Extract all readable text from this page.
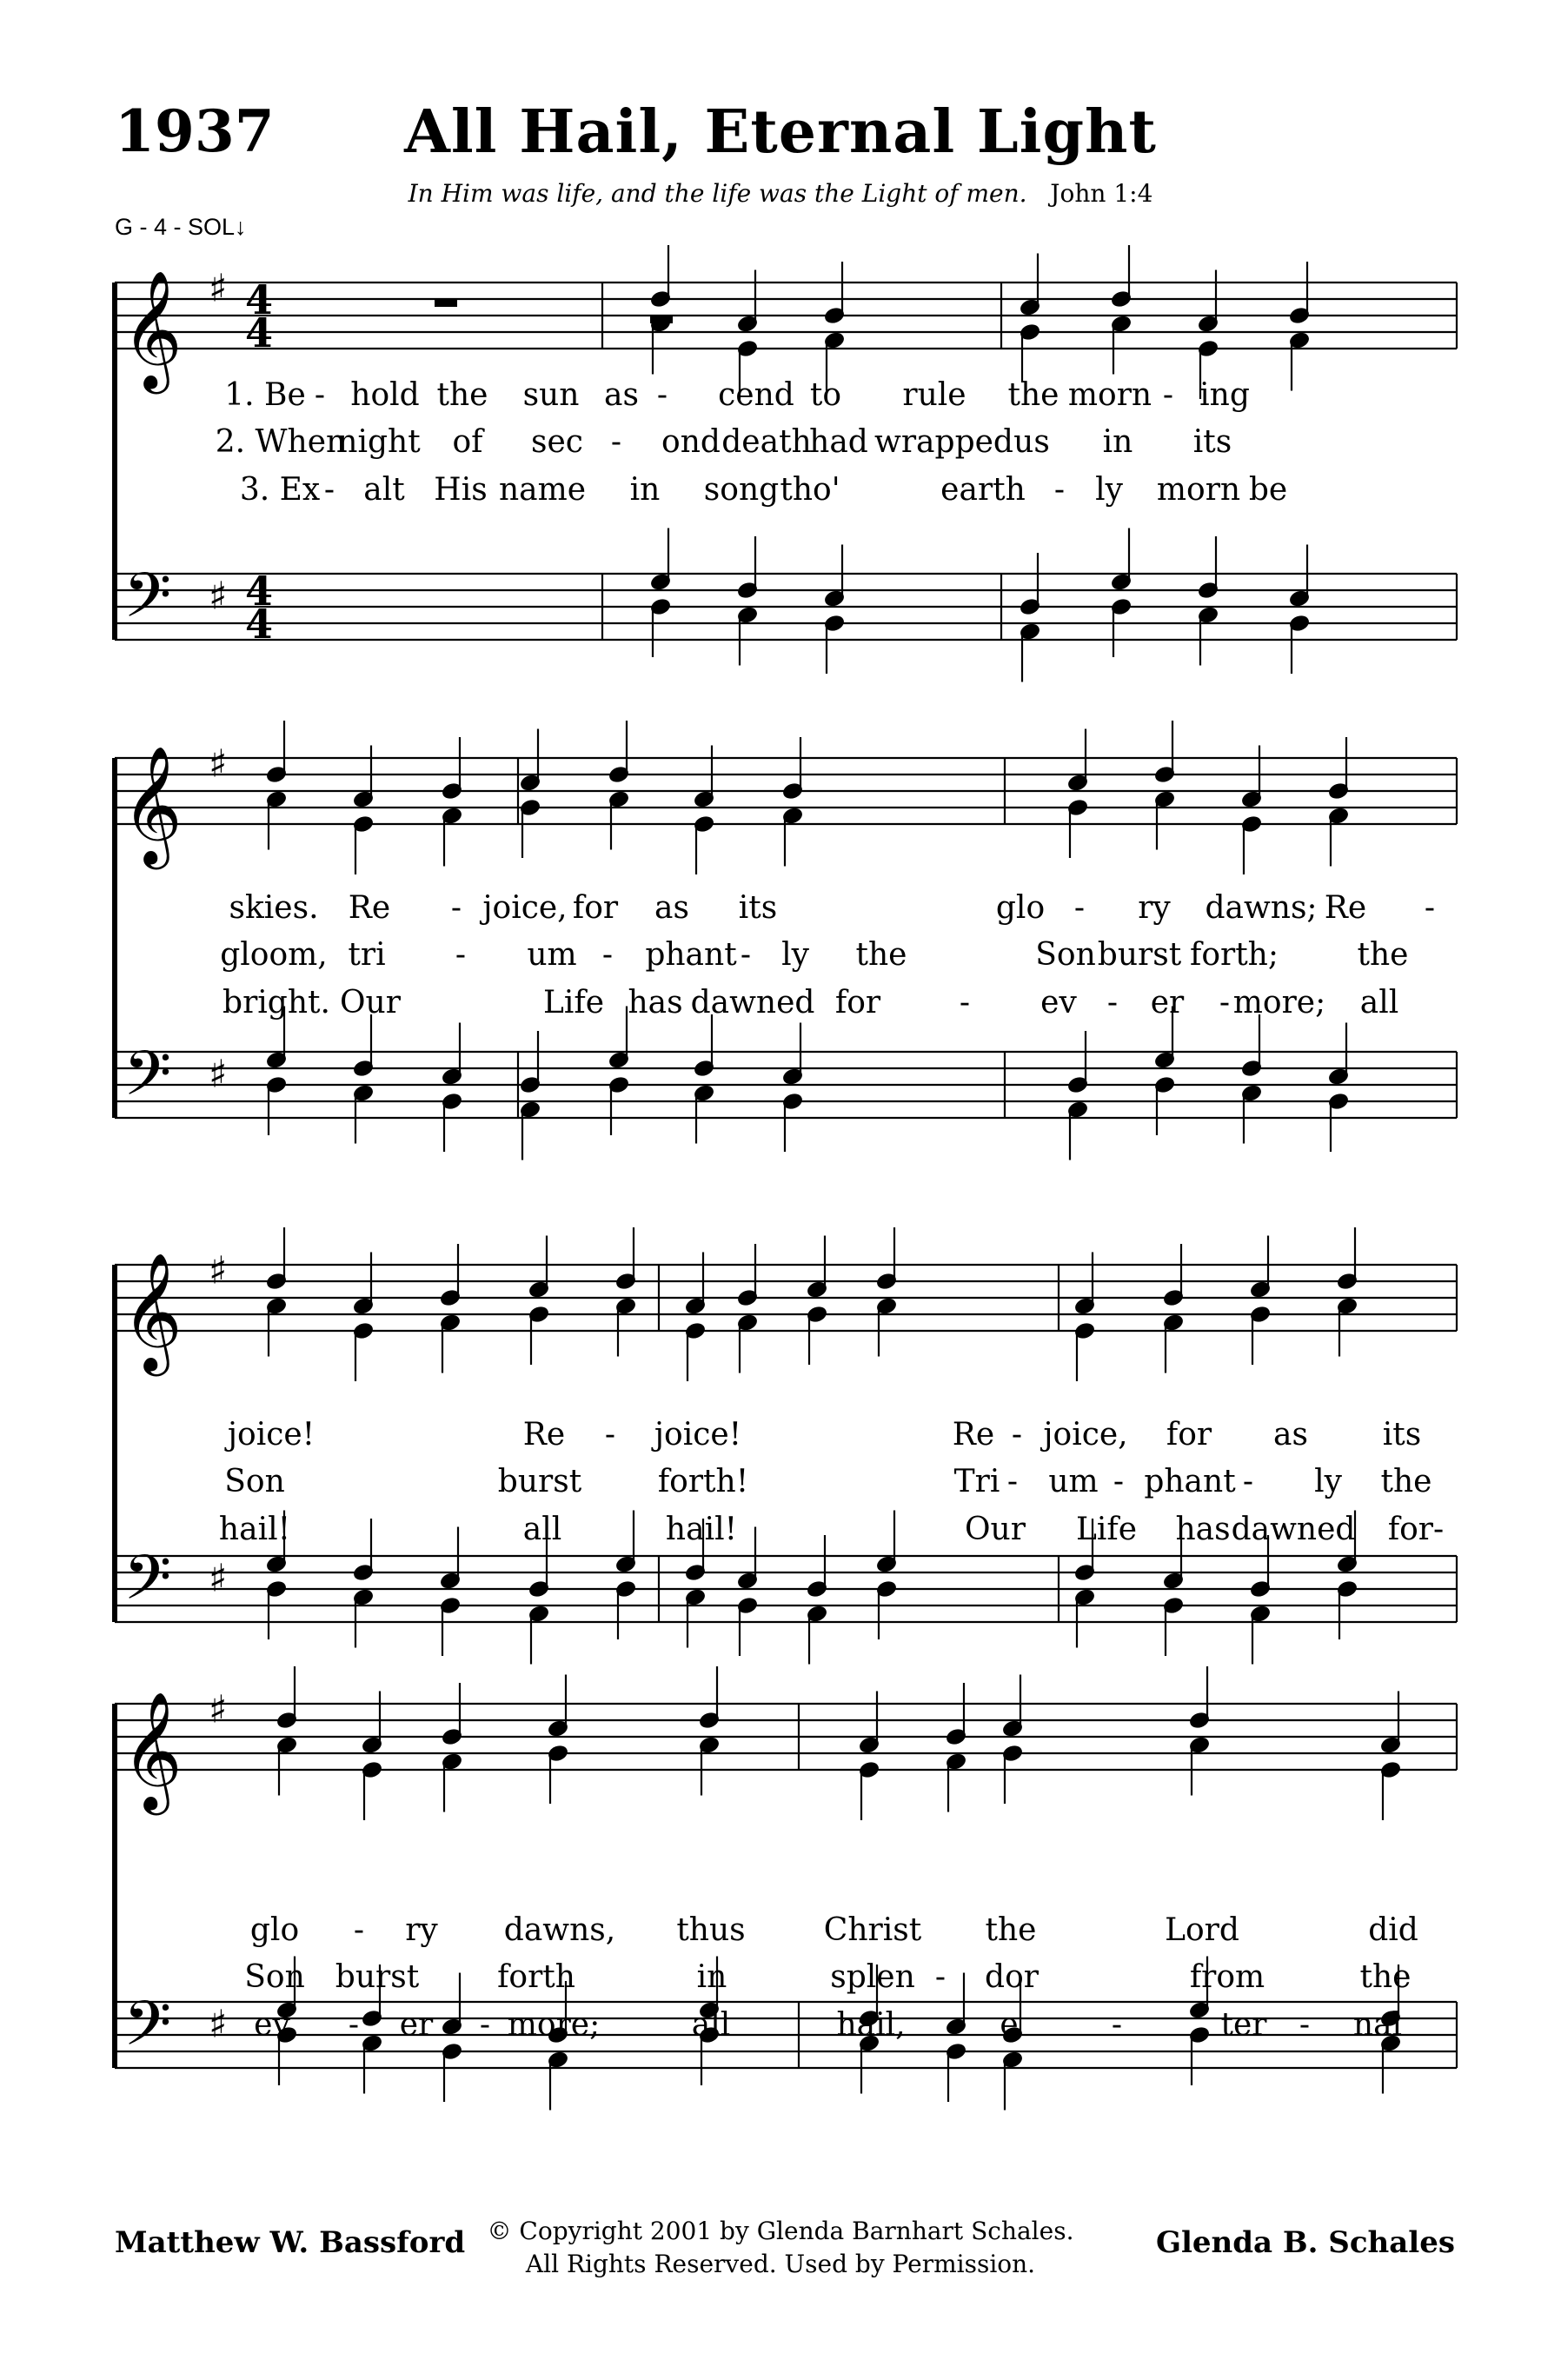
1937	All Hail, Eternal Light
In Him was life, and the life was the Light of men. John 1:4
G - 4 - SOL↓
𝄞 ♯ 4
4
𝄢 ♯ 4
4
𝄞 ♯
𝄢 ♯
𝄞 ♯
𝄢 ♯
𝄞 ♯
𝄢 ♯
1. Be - hold the sun as - cend to rule the morn - ing
2. When
night of sec - ond death
had wrapped us in its
3. Ex - alt His name in song tho'	earth - ly morn be
skies. Re - joice, for as its	glo - ry dawns; Re -
gloom, tri - um - phant - ly the	Son burst forth;	the
bright. Our	Life has dawned for	- ev - er - more; all
joice!	Re - joice!	Re - joice, for as its
Son	burst forth!	Tri - um - phant - ly the
hail!	all	hail!	Our Life has dawned for-
glo - ry dawns, thus	Christ the	Lord	did
Son burst forth	in	splen - dor	from	the
ev - er - more;	all	hail,	e	-	ter - nal
Matthew W. Bassford © Copyright 2001 by Glenda Barnhart Schales.
All Rights Reserved. Used by Permission.
Glenda B. Schales
